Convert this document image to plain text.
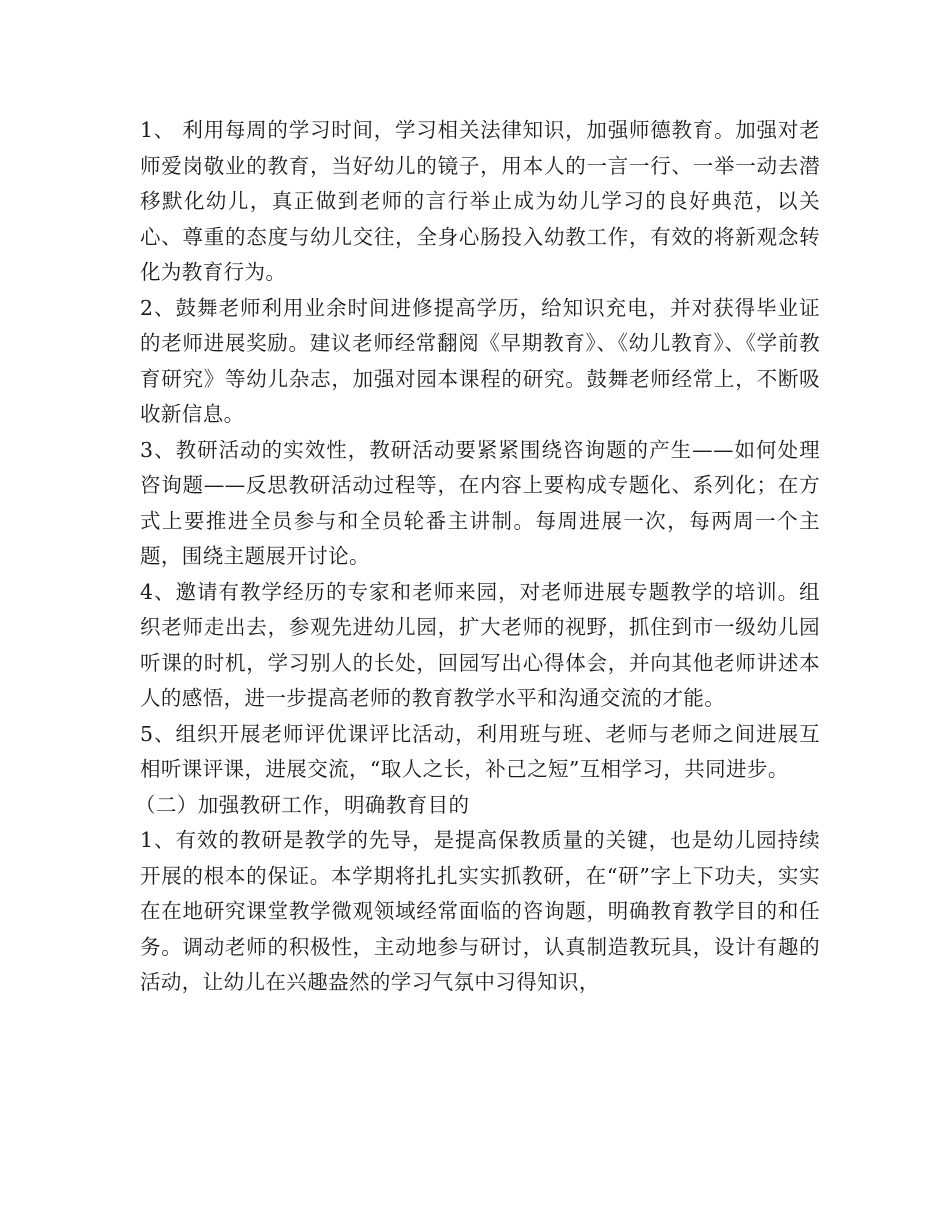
1、 利用每周的学习时间，学习相关法律知识，加强师德教育。加强对老师爱岗敬业的教育，当好幼儿的镜子，用本人的一言一行、一举一动去潜移默化幼儿，真正做到老师的言行举止成为幼儿学习的良好典范，以关心、尊重的态度与幼儿交往，全身心肠投入幼教工作，有效的将新观念转化为教育行为。

2、鼓舞老师利用业余时间进修提高学历，给知识充电，并对获得毕业证的老师进展奖励。建议老师经常翻阅《早期教育》、《幼儿教育》、《学前教育研究》等幼儿杂志，加强对园本课程的研究。鼓舞老师经常上，不断吸收新信息。

3、教研活动的实效性，教研活动要紧紧围绕咨询题的产生——如何处理咨询题——反思教研活动过程等，在内容上要构成专题化、系列化；在方式上要推进全员参与和全员轮番主讲制。每周进展一次，每两周一个主题，围绕主题展开讨论。

4、邀请有教学经历的专家和老师来园，对老师进展专题教学的培训。组织老师走出去，参观先进幼儿园，扩大老师的视野，抓住到市一级幼儿园听课的时机，学习别人的长处，回园写出心得体会，并向其他老师讲述本人的感悟，进一步提高老师的教育教学水平和沟通交流的才能。

5、组织开展老师评优课评比活动，利用班与班、老师与老师之间进展互相听课评课，进展交流，“取人之长，补己之短”互相学习，共同进步。

（二）加强教研工作，明确教育目的

1、有效的教研是教学的先导，是提高保教质量的关键，也是幼儿园持续开展的根本的保证。本学期将扎扎实实抓教研，在“研”字上下功夫，实实在在地研究课堂教学微观领域经常面临的咨询题，明确教育教学目的和任务。调动老师的积极性，主动地参与研讨，认真制造教玩具，设计有趣的活动，让幼儿在兴趣盎然的学习气氛中习得知识，
